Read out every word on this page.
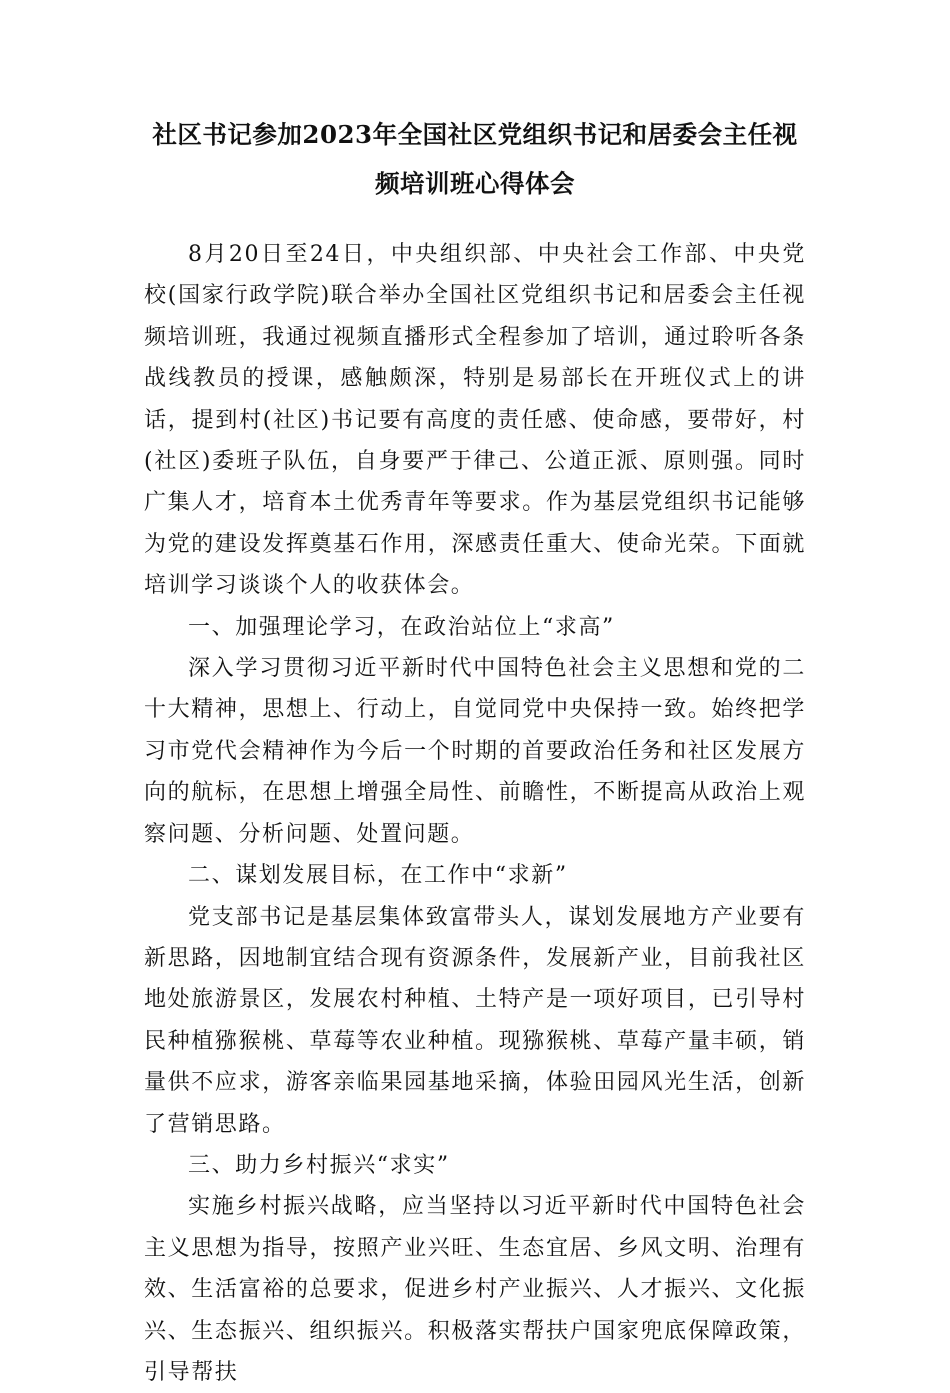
社区书记参加2023年全国社区党组织书记和居委会主任视频培训班心得体会

8月20日至24日，中央组织部、中央社会工作部、中央党校(国家行政学院)联合举办全国社区党组织书记和居委会主任视频培训班，我通过视频直播形式全程参加了培训，通过聆听各条战线教员的授课，感触颇深，特别是易部长在开班仪式上的讲话，提到村(社区)书记要有高度的责任感、使命感，要带好，村(社区)委班子队伍，自身要严于律己、公道正派、原则强。同时广集人才，培育本土优秀青年等要求。作为基层党组织书记能够为党的建设发挥奠基石作用，深感责任重大、使命光荣。下面就培训学习谈谈个人的收获体会。

一、加强理论学习，在政治站位上“求高”

深入学习贯彻习近平新时代中国特色社会主义思想和党的二十大精神，思想上、行动上，自觉同党中央保持一致。始终把学习市党代会精神作为今后一个时期的首要政治任务和社区发展方向的航标，在思想上增强全局性、前瞻性，不断提高从政治上观察问题、分析问题、处置问题。

二、谋划发展目标，在工作中“求新”

党支部书记是基层集体致富带头人，谋划发展地方产业要有新思路，因地制宜结合现有资源条件，发展新产业，目前我社区地处旅游景区，发展农村种植、土特产是一项好项目，已引导村民种植猕猴桃、草莓等农业种植。现猕猴桃、草莓产量丰硕，销量供不应求，游客亲临果园基地采摘，体验田园风光生活，创新了营销思路。

三、助力乡村振兴“求实”

实施乡村振兴战略，应当坚持以习近平新时代中国特色社会主义思想为指导，按照产业兴旺、生态宜居、乡风文明、治理有效、生活富裕的总要求，促进乡村产业振兴、人才振兴、文化振兴、生态振兴、组织振兴。积极落实帮扶户国家兜底保障政策，引导帮扶
